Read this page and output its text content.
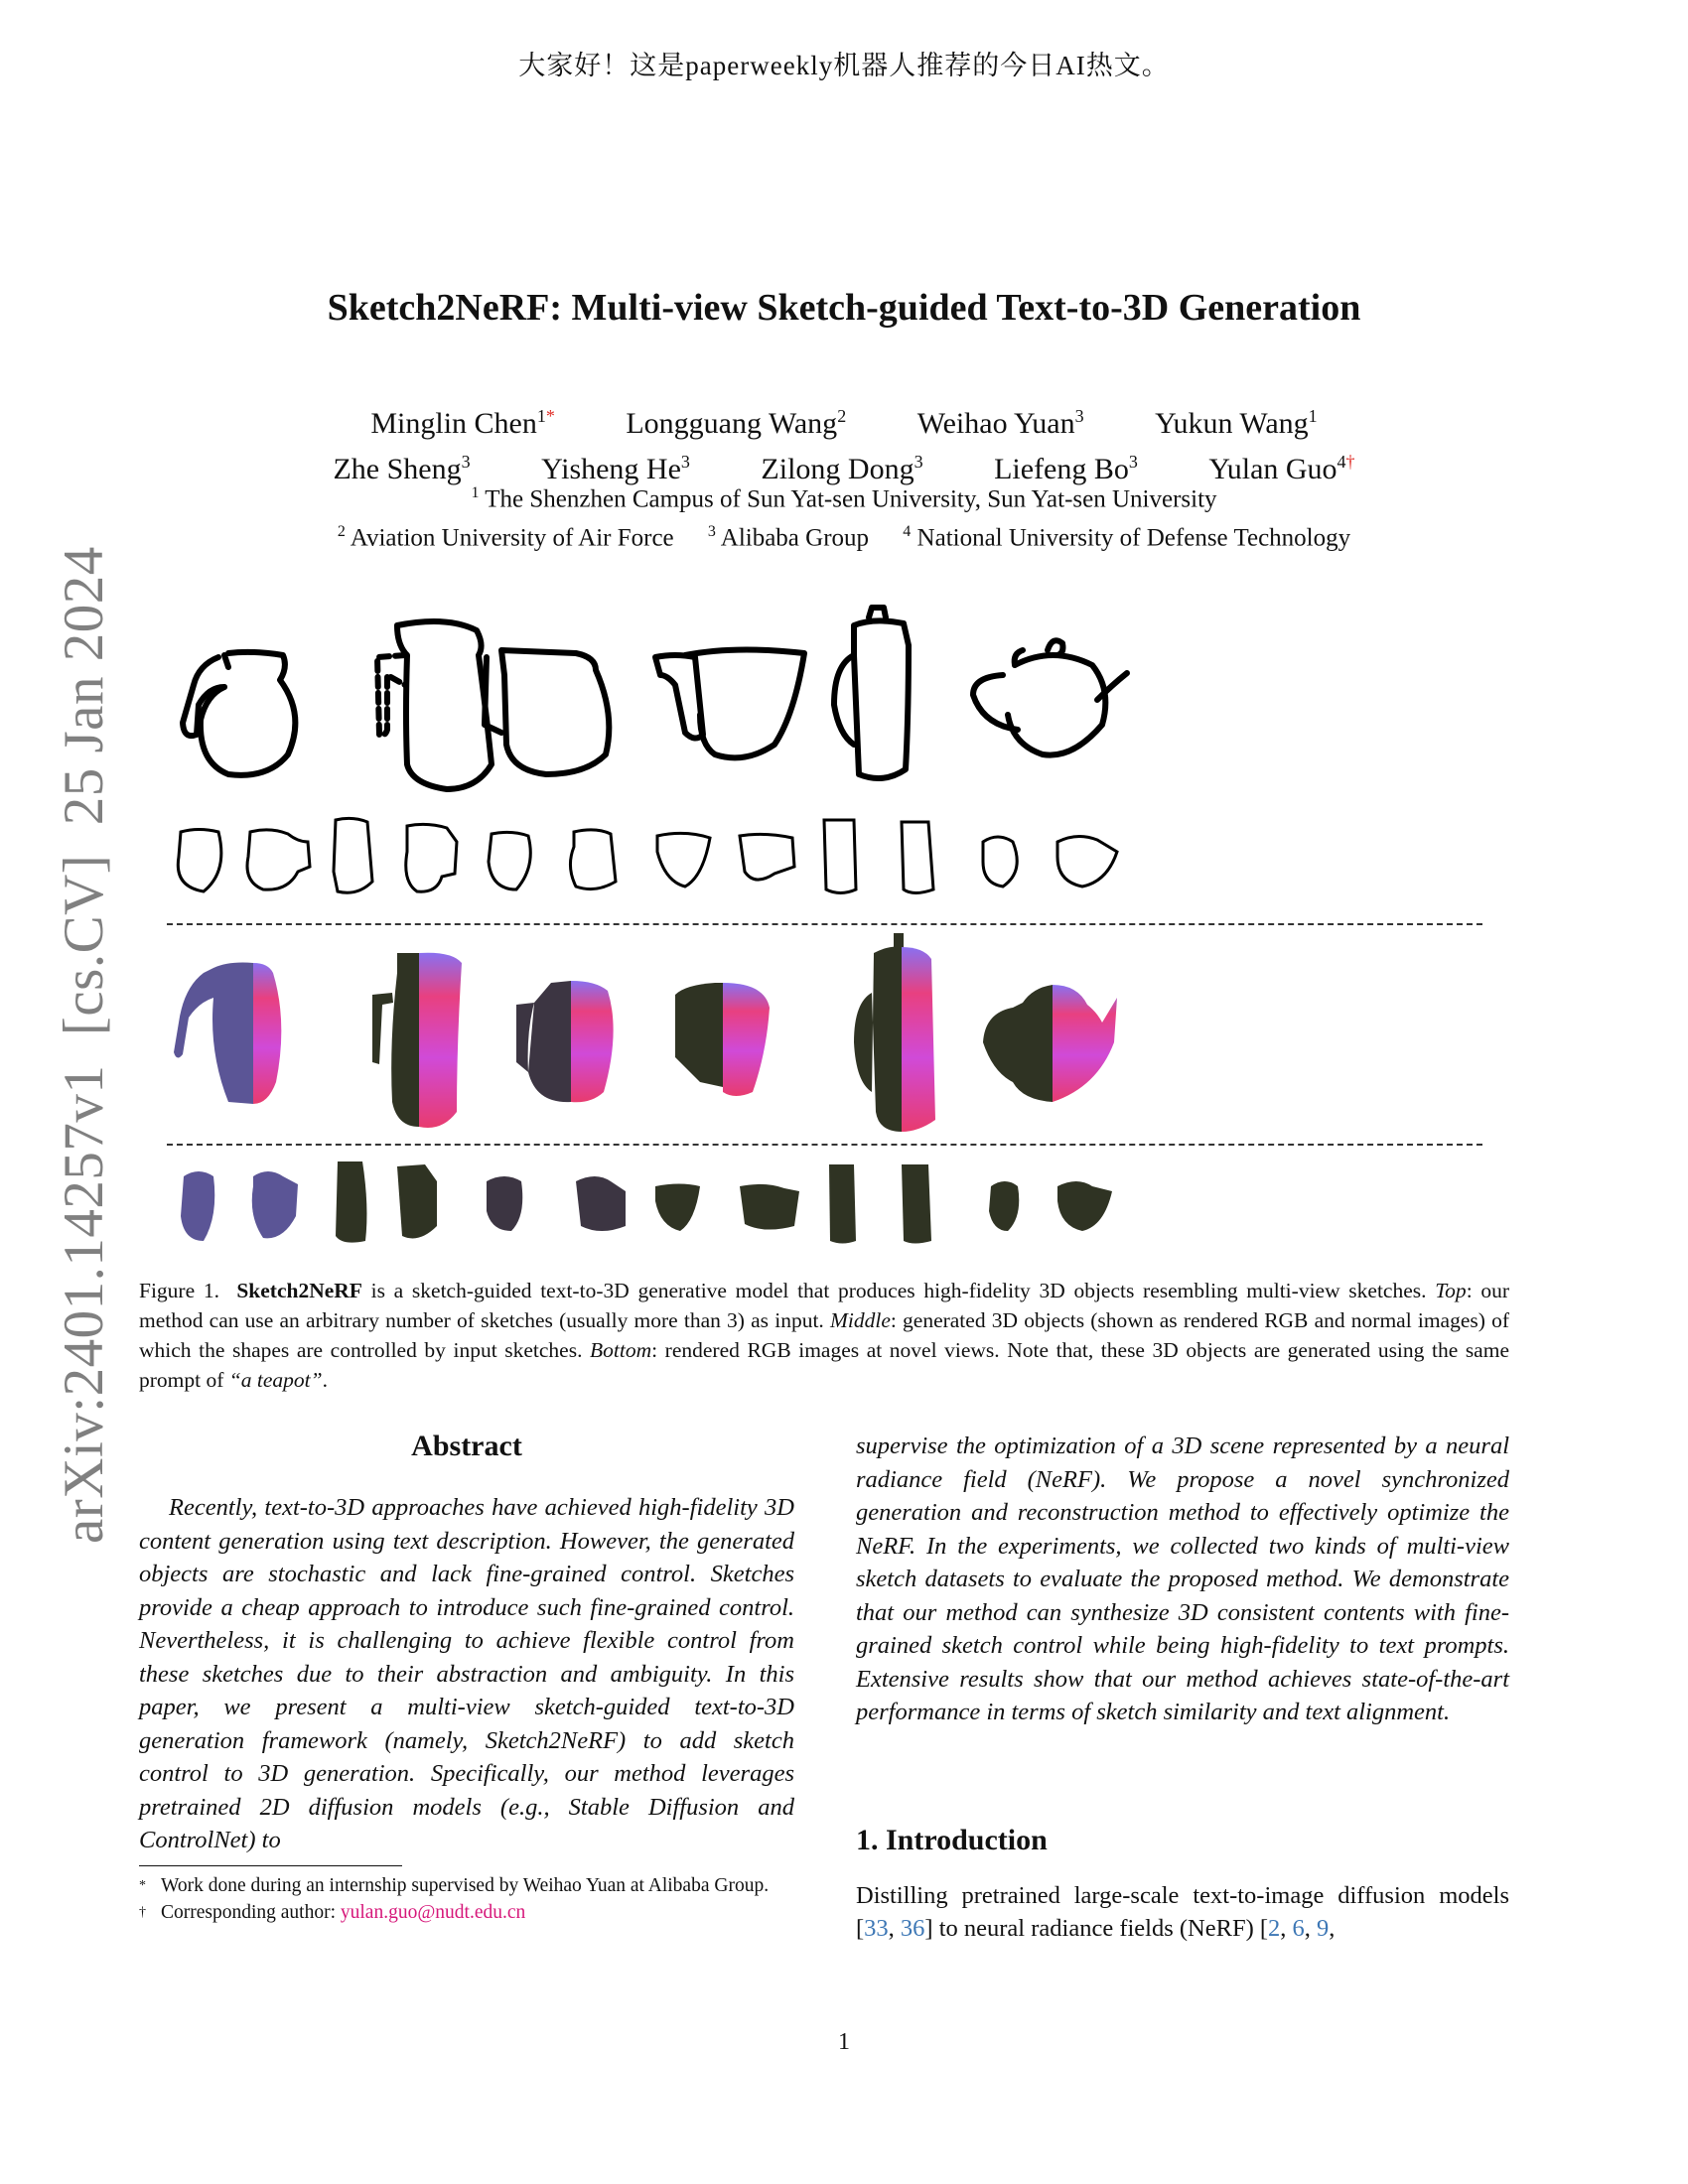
大家好！这是paperweekly机器人推荐的今日AI热文。
arXiv:2401.14257v1  [cs.CV]  25 Jan 2024
Sketch2NeRF: Multi-view Sketch-guided Text-to-3D Generation
Minglin Chen$^{1*}$ Longguang Wang$^2$ Weihao Yuan$^3$ Yukun Wang$^1$
Zhe Sheng$^3$ Yisheng He$^3$ Zilong Dong$^3$ Liefeng Bo$^3$ Yulan Guo$^{4\dagger}$
$^1$ The Shenzhen Campus of Sun Yat-sen University, Sun Yat-sen University
$^2$ Aviation University of Air Force $^3$ Alibaba Group $^4$ National University of Defense Technology
Figure 1. Sketch2NeRF is a sketch-guided text-to-3D generative model that produces high-fidelity 3D objects resembling multi-view sketches. Top: our method can use an arbitrary number of sketches (usually more than 3) as input. Middle: generated 3D objects (shown as rendered RGB and normal images) of which the shapes are controlled by input sketches. Bottom: rendered RGB images at novel views. Note that, these 3D objects are generated using the same prompt of “a teapot”.
Abstract

Recently, text-to-3D approaches have achieved high-fidelity 3D content generation using text description. However, the generated objects are stochastic and lack fine-grained control. Sketches provide a cheap approach to introduce such fine-grained control. Nevertheless, it is challenging to achieve flexible control from these sketches due to their abstraction and ambiguity. In this paper, we present a multi-view sketch-guided text-to-3D generation framework (namely, Sketch2NeRF) to add sketch control to 3D generation. Specifically, our method leverages pretrained 2D diffusion models (e.g., Stable Diffusion and ControlNet) to

* Work done during an internship supervised by Weihao Yuan at Alibaba Group.
† Corresponding author: yulan.guo@nudt.edu.cn

supervise the optimization of a 3D scene represented by a neural radiance field (NeRF). We propose a novel synchronized generation and reconstruction method to effectively optimize the NeRF. In the experiments, we collected two kinds of multi-view sketch datasets to evaluate the proposed method. We demonstrate that our method can synthesize 3D consistent contents with fine-grained sketch control while being high-fidelity to text prompts. Extensive results show that our method achieves state-of-the-art performance in terms of sketch similarity and text alignment.

1. Introduction

Distilling pretrained large-scale text-to-image diffusion models [33, 36] to neural radiance fields (NeRF) [2, 6, 9,

1
